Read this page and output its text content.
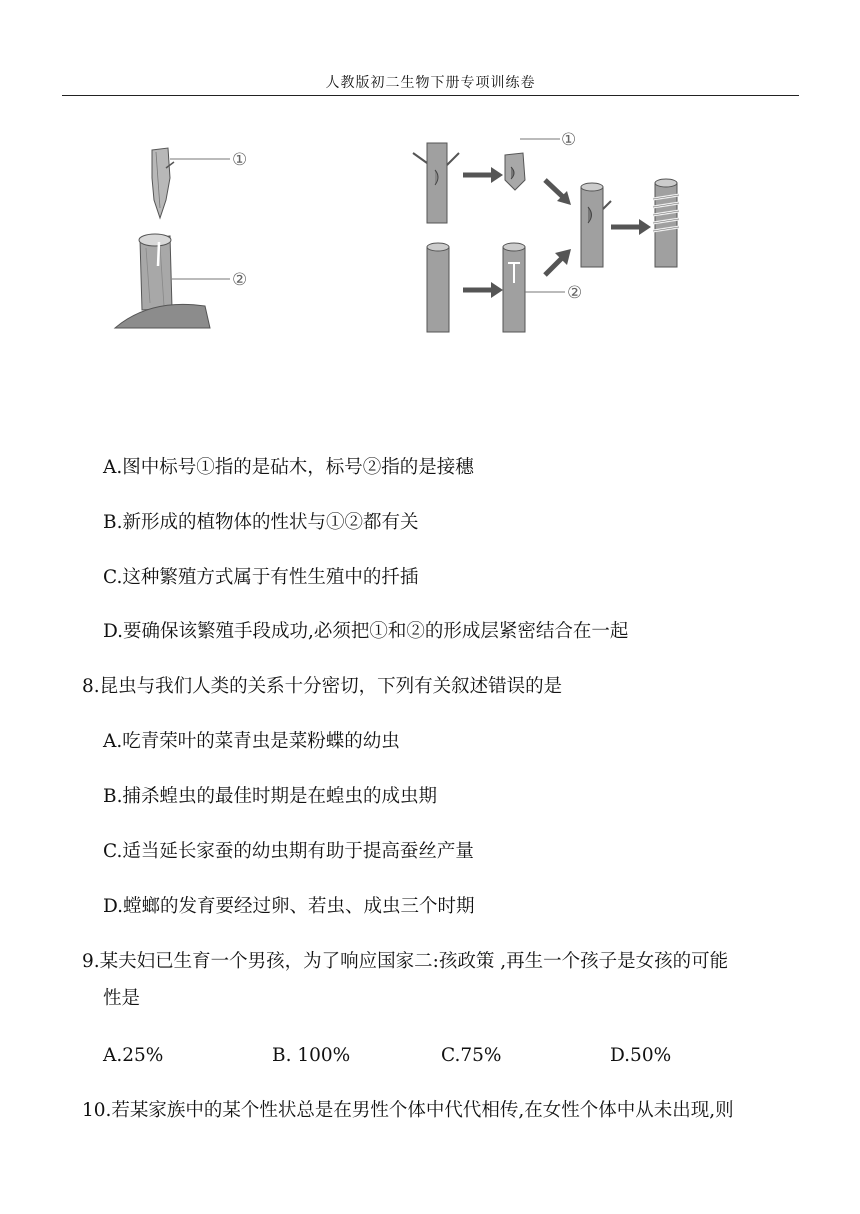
人教版初二生物下册专项训练卷
①
②
①
②
A.图中标号①指的是砧木，标号②指的是接穗
B.新形成的植物体的性状与①②都有关
C.这种繁殖方式属于有性生殖中的扦插
D.要确保该繁殖手段成功,必须把①和②的形成层紧密结合在一起
8.昆虫与我们人类的关系十分密切，下列有关叙述错误的是
A.吃青荣叶的菜青虫是菜粉蝶的幼虫
B.捕杀蝗虫的最佳时期是在蝗虫的成虫期
C.适当延长家蚕的幼虫期有助于提高蚕丝产量
D.螳螂的发育要经过卵、若虫、成虫三个时期
9.某夫妇已生育一个男孩，为了响应国家二:孩政策 ,再生一个孩子是女孩的可能
性是
A.25%	B. 100%	C.75%	D.50%
10.若某家族中的某个性状总是在男性个体中代代相传,在女性个体中从未出现,则
